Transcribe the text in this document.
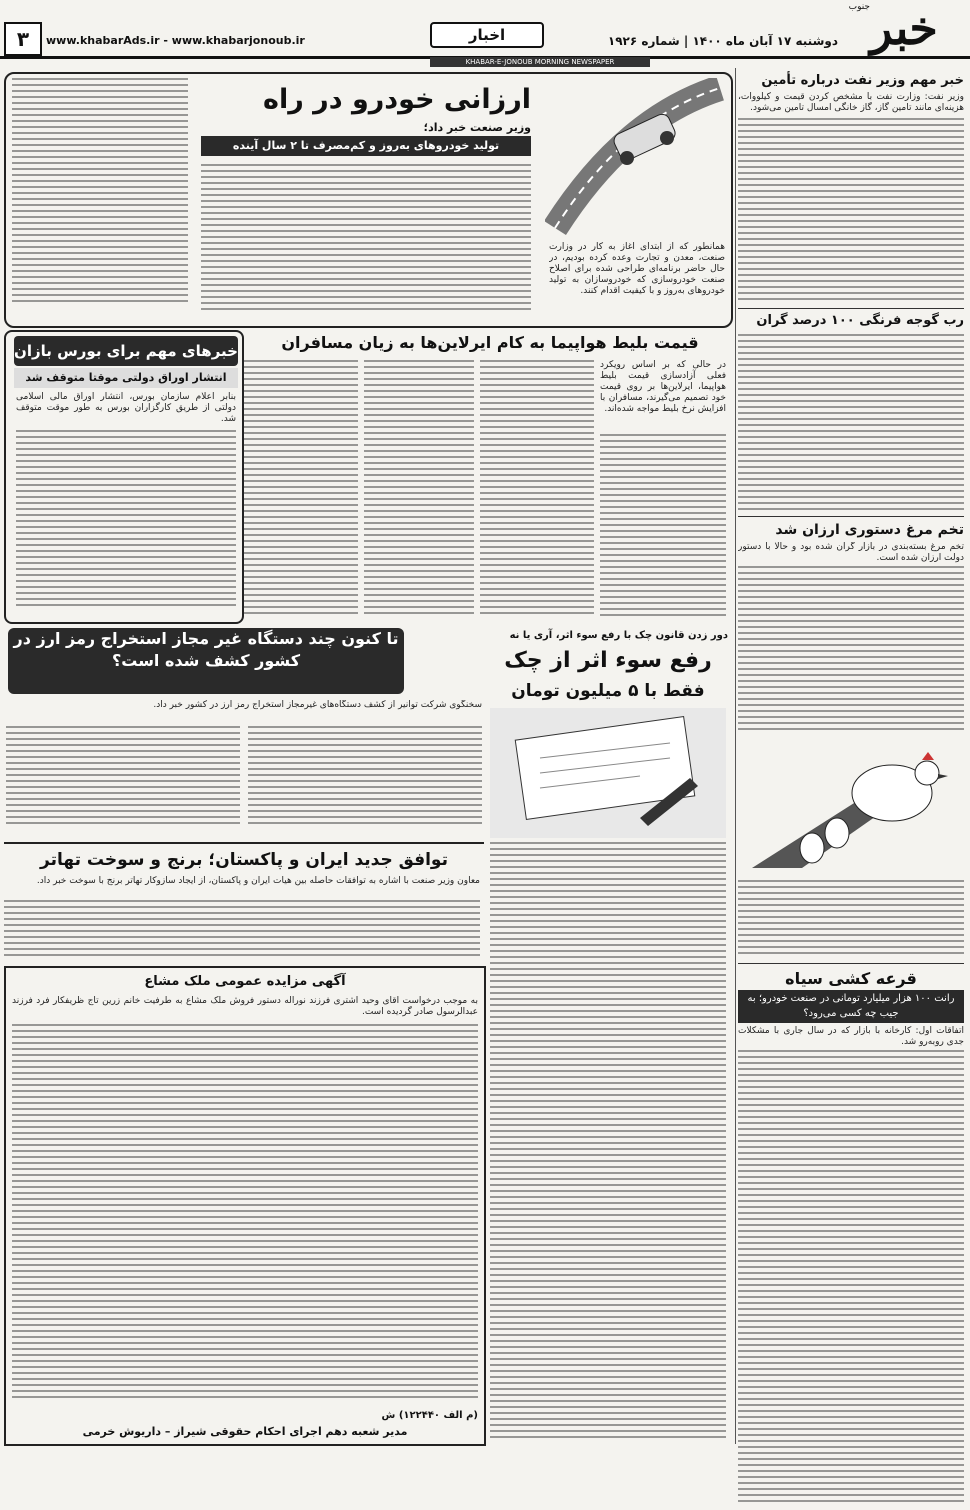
خبر
جنوب
دوشنبه ۱۷ آبان ماه ۱۴۰۰ | شماره ۱۹۲۶
اخبار
www.khabarAds.ir - www.khabarjonoub.ir
۳
KHABAR-E-JONOUB MORNING NEWSPAPER
خبر مهم وزیر نفت درباره تأمین
وزیر نفت: وزارت نفت با مشخص کردن قیمت و کیلووات، هزینه‌ای مانند تامین گاز، گاز خانگی امسال تامین می‌شود.
رب گوجه فرنگی ۱۰۰ درصد گران
تخم مرغ دستوری ارزان شد
تخم مرغ بسته‌بندی در بازار گران شده بود و حالا با دستور دولت ارزان شده است.
قرعه کشی سیاه
رانت ۱۰۰ هزار میلیارد تومانی در صنعت خودرو؛ به جیب چه کسی می‌رود؟
اتفاقات اول: کارخانه با بازار که در سال جاری با مشکلات جدی روبه‌رو شد.
همانطور که از ابتدای آغاز به کار در وزارت صنعت، معدن و تجارت وعده کرده بودیم، در حال حاضر برنامه‌ای طراحی شده برای اصلاح صنعت خودروسازی که خودروسازان به تولید خودروهای به‌روز و با کیفیت اقدام کنند.
ارزانی خودرو در راه
وزیر صنعت خبر داد؛
تولید خودروهای بەروز و کم‌مصرف تا ۲ سال آینده
قیمت بلیط هواپیما به کام ایرلاین‌ها به زیان مسافران
در حالی که بر اساس رویکرد فعلی آزادسازی قیمت بلیط هواپیما، ایرلاین‌ها بر روی قیمت خود تصمیم می‌گیرند، مسافران با افزایش نرخ بلیط مواجه شده‌اند.
خبرهای مهم برای بورس بازان
انتشار اوراق دولتی موقتا متوقف شد
بنابر اعلام سازمان بورس، انتشار اوراق مالی اسلامی دولتی از طریق کارگزاران بورس به طور موقت متوقف شد.
تا کنون چند دستگاه غیر مجاز استخراج رمز ارز در کشور کشف شده است؟
سخنگوی شرکت توانیر از کشف دستگاه‌های غیرمجاز استخراج رمز ارز در کشور خبر داد.
دور زدن قانون چک با رفع سوء اثر، آری یا نه
رفع سوء اثر از چک
فقط با ۵ میلیون تومان
توافق جدید ایران و پاکستان؛ برنج و سوخت تهاتر
معاون وزیر صنعت با اشاره به توافقات حاصله بین هیأت ایران و پاکستان، از ایجاد سازوکار تهاتر برنج با سوخت خبر داد.
آگهی مزایده عمومی ملک مشاع
به موجب درخواست آقای وحید اشتری فرزند نوراله دستور فروش ملک مشاع به طرفیت خانم زرین تاج ظریفکار فرد فرزند عبدالرسول صادر گردیده است.
(م الف ۱۲۲۴۴۰) ش
مدیر شعبه دهم اجرای احکام حقوقی شیراز – داریوش خرمی
